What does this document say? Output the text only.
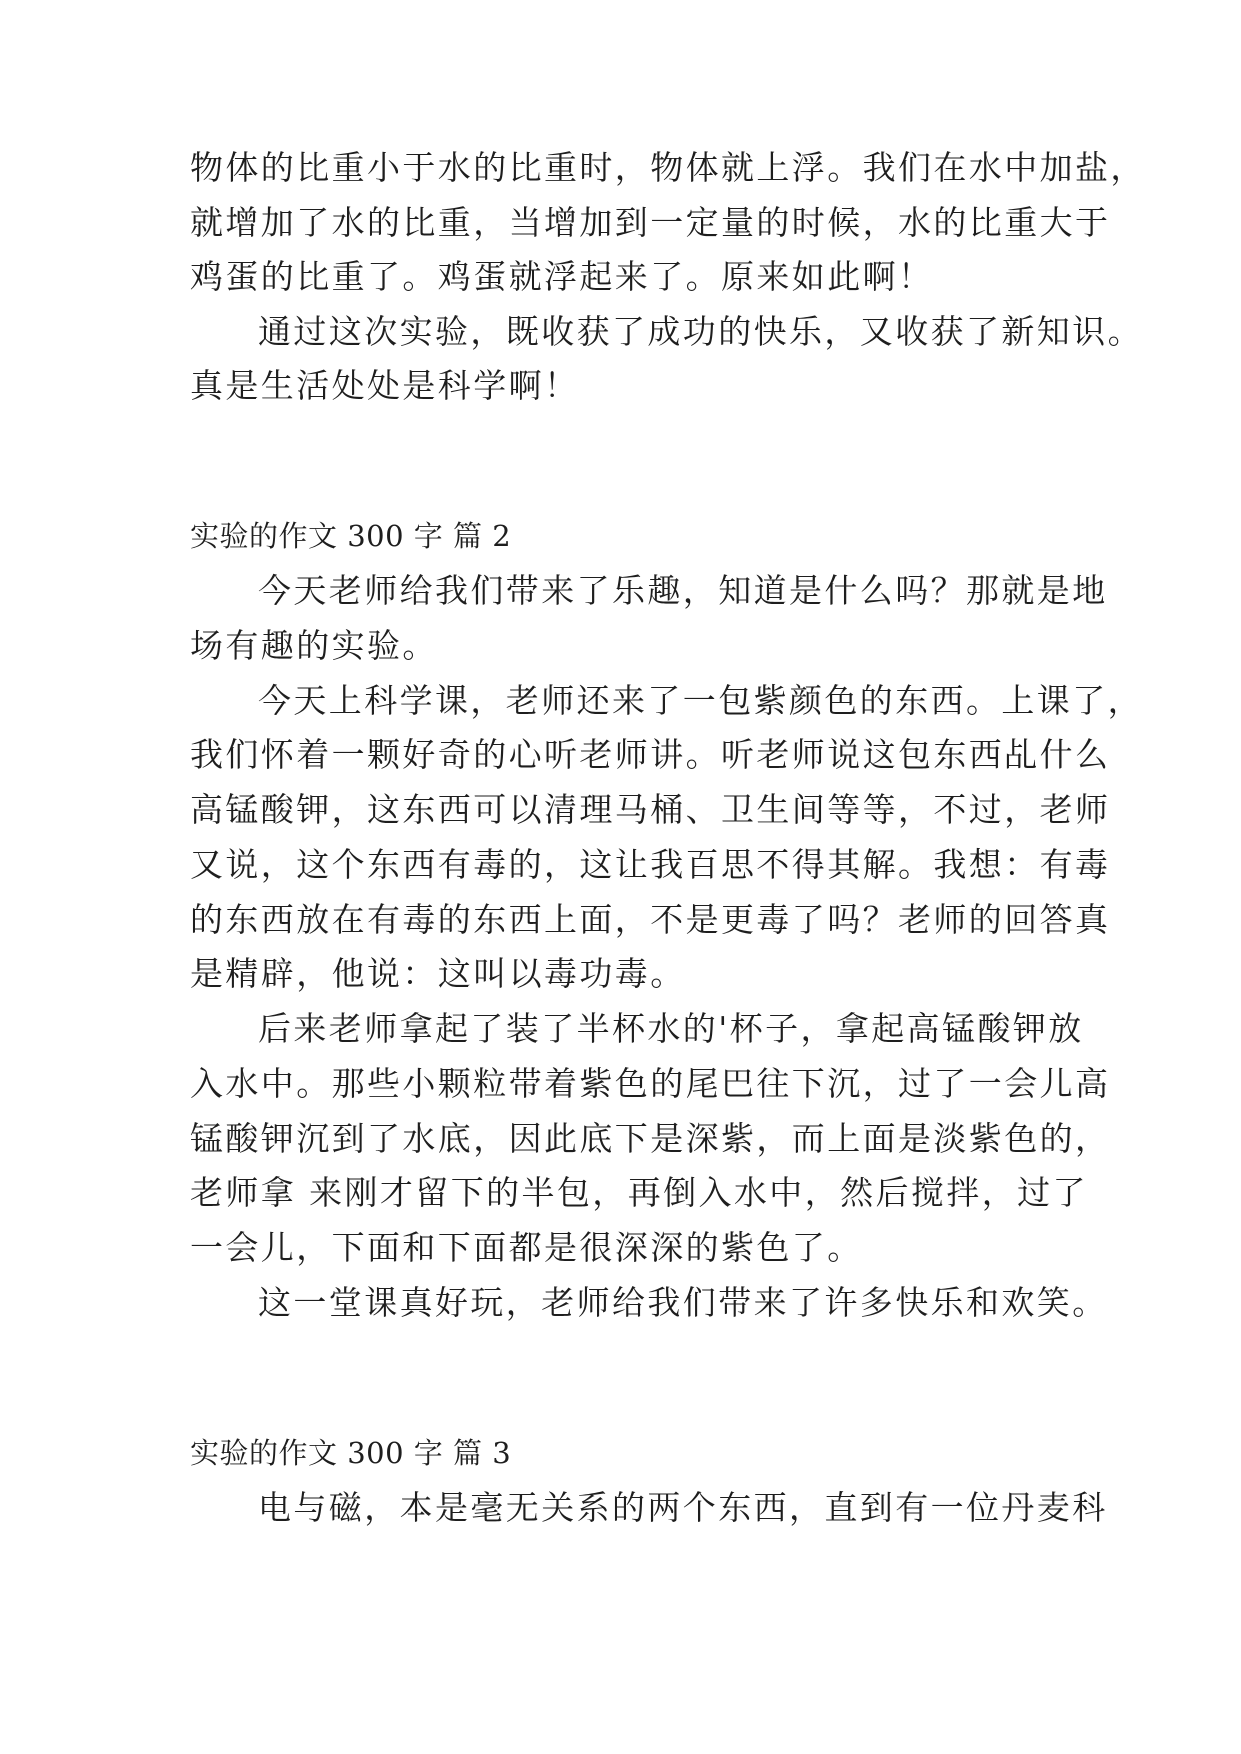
物体的比重小于水的比重时，物体就上浮。我们在水中加盐，
就增加了水的比重，当增加到一定量的时候，水的比重大于
鸡蛋的比重了。鸡蛋就浮起来了。原来如此啊！
通过这次实验，既收获了成功的快乐，又收获了新知识。
真是生活处处是科学啊！
实验的作文 300 字 篇 2
今天老师给我们带来了乐趣，知道是什么吗？那就是地
场有趣的实验。
今天上科学课，老师还来了一包紫颜色的东西。上课了，
我们怀着一颗好奇的心听老师讲。听老师说这包东西乩什么
高锰酸钾，这东西可以清理马桶、卫生间等等，不过，老师
又说，这个东西有毒的，这让我百思不得其解。我想：有毒
的东西放在有毒的东西上面，不是更毒了吗？老师的回答真
是精辟，他说：这叫以毒功毒。
后来老师拿起了装了半杯水的'杯子，拿起高锰酸钾放
入水中。那些小颗粒带着紫色的尾巴往下沉，过了一会儿高
锰酸钾沉到了水底，因此底下是深紫，而上面是淡紫色的，
老师拿 来刚才留下的半包，再倒入水中，然后搅拌，过了
一会儿，下面和下面都是很深深的紫色了。
这一堂课真好玩，老师给我们带来了许多快乐和欢笑。
实验的作文 300 字 篇 3
电与磁，本是毫无关系的两个东西，直到有一位丹麦科
